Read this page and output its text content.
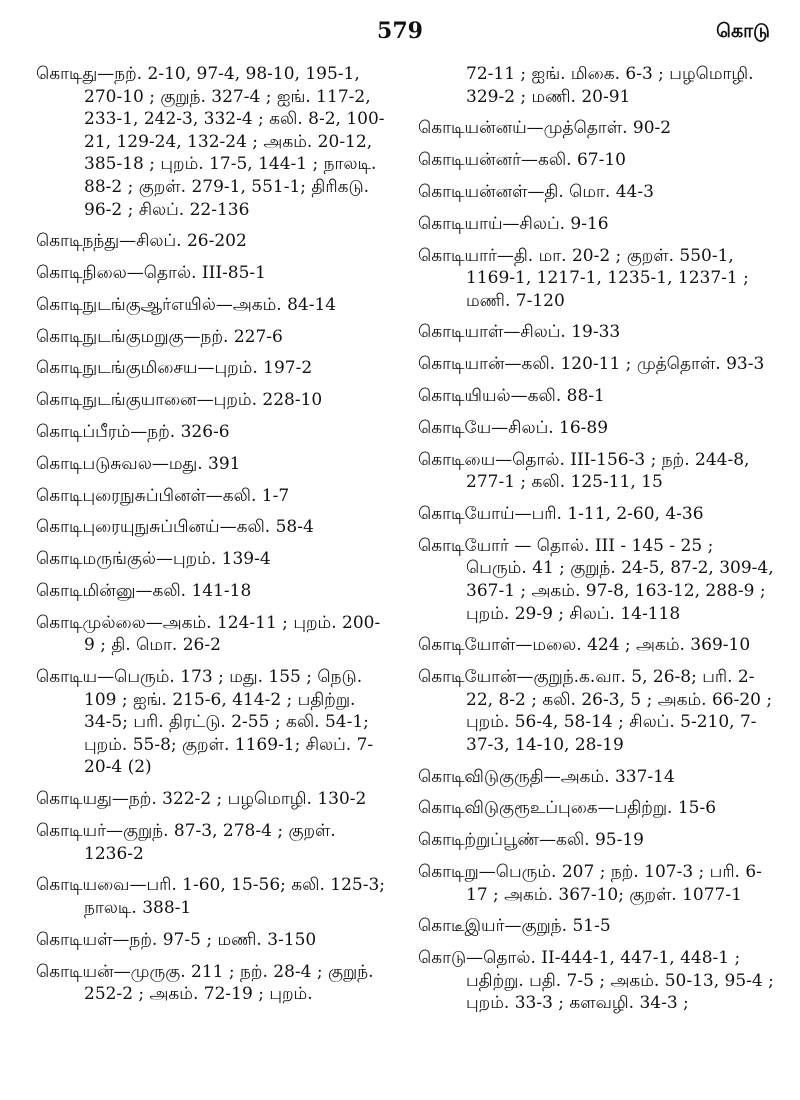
579	கொடு

கொடிது—நற். 2-10, 97-4, 98-10, 195-1, 270-10 ; குறுந். 327-4 ; ஐங். 117-2, 233-1, 242-3, 332-4 ; கலி. 8-2, 100-21, 129-24, 132-24 ; அகம். 20-12, 385-18 ; புறம். 17-5, 144-1 ; நாலடி. 88-2 ; குறள். 279-1, 551-1; திரிகடு. 96-2 ; சிலப். 22-136

கொடிநந்து—சிலப். 26-202

கொடிநிலை—தொல். III-85-1

கொடிநுடங்குஆர்எயில்—அகம். 84-14

கொடிநுடங்குமறுகு—நற். 227-6

கொடிநுடங்குமிசைய—புறம். 197-2

கொடிநுடங்குயானை—புறம். 228-10

கொடிப்பீரம்—நற். 326-6

கொடிபடுசுவல—மது. 391

கொடிபுரைநுசுப்பினள்—கலி. 1-7

கொடிபுரையுநுசுப்பினய்—கலி. 58-4

கொடிமருங்குல்—புறம். 139-4

கொடிமின்னு—கலி. 141-18

கொடிமுல்லை—அகம். 124-11 ; புறம். 200-9 ; தி. மொ. 26-2

கொடிய—பெரும். 173 ; மது. 155 ; நெடு. 109 ; ஐங். 215-6, 414-2 ; பதிற்று. 34-5; பரி. திரட்டு. 2-55 ; கலி. 54-1; புறம். 55-8; குறள். 1169-1; சிலப். 7-20-4 (2)

கொடியது—நற். 322-2 ; பழமொழி. 130-2

கொடியர்—குறுந். 87-3, 278-4 ; குறள். 1236-2

கொடியவை—பரி. 1-60, 15-56; கலி. 125-3; நாலடி. 388-1

கொடியள்—நற். 97-5 ; மணி. 3-150

கொடியன்—முருகு. 211 ; நற். 28-4 ; குறுந். 252-2 ; அகம். 72-19 ; புறம்.

72-11 ; ஐங். மிகை. 6-3 ; பழமொழி. 329-2 ; மணி. 20-91

கொடியன்னய்—முத்தொள். 90-2

கொடியன்னர்—கலி. 67-10

கொடியன்னள்—தி. மொ. 44-3

கொடியாய்—சிலப். 9-16

கொடியார்—தி. மா. 20-2 ; குறள். 550-1, 1169-1, 1217-1, 1235-1, 1237-1 ; மணி. 7-120

கொடியாள்—சிலப். 19-33

கொடியான்—கலி. 120-11 ; முத்தொள். 93-3

கொடியியல்—கலி. 88-1

கொடியே—சிலப். 16-89

கொடியை—தொல். III-156-3 ; நற். 244-8, 277-1 ; கலி. 125-11, 15

கொடியோய்—பரி. 1-11, 2-60, 4-36

கொடியோர் — தொல். III - 145 - 25 ; பெரும். 41 ; குறுந். 24-5, 87-2, 309-4, 367-1 ; அகம். 97-8, 163-12, 288-9 ; புறம். 29-9 ; சிலப். 14-118

கொடியோள்—மலை. 424 ; அகம். 369-10

கொடியோன்—குறுந்.க.வா. 5, 26-8; பரி. 2-22, 8-2 ; கலி. 26-3, 5 ; அகம். 66-20 ; புறம். 56-4, 58-14 ; சிலப். 5-210, 7-37-3, 14-10, 28-19

கொடிவிடுகுருதி—அகம். 337-14

கொடிவிடுகுரூஉப்புகை—பதிற்று. 15-6

கொடிற்றுப்பூண்—கலி. 95-19

கொடிறு—பெரும். 207 ; நற். 107-3 ; பரி. 6-17 ; அகம். 367-10; குறள். 1077-1

கொடீஇயர்—குறுந். 51-5

கொடு—தொல். II-444-1, 447-1, 448-1 ; பதிற்று. பதி. 7-5 ; அகம். 50-13, 95-4 ; புறம். 33-3 ; களவழி. 34-3 ;
